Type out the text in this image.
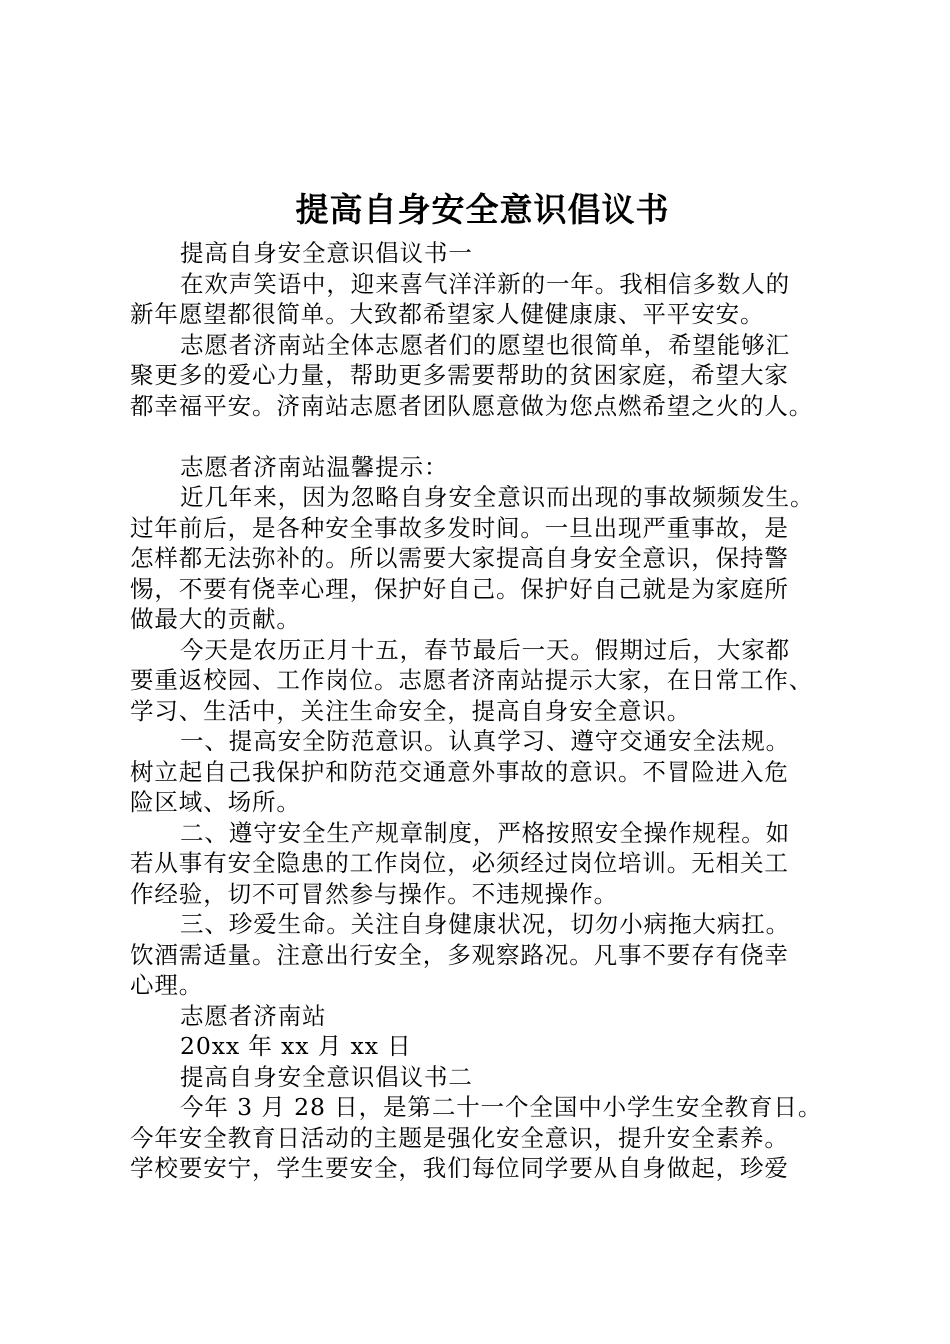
提高自身安全意识倡议书

提高自身安全意识倡议书一

在欢声笑语中，迎来喜气洋洋新的一年。我相信多数人的

新年愿望都很简单。大致都希望家人健健康康、平平安安。

志愿者济南站全体志愿者们的愿望也很简单，希望能够汇

聚更多的爱心力量，帮助更多需要帮助的贫困家庭，希望大家

都幸福平安。济南站志愿者团队愿意做为您点燃希望之火的人。

志愿者济南站温馨提示：

近几年来，因为忽略自身安全意识而出现的事故频频发生。

过年前后，是各种安全事故多发时间。一旦出现严重事故，是

怎样都无法弥补的。所以需要大家提高自身安全意识，保持警

惕，不要有侥幸心理，保护好自己。保护好自己就是为家庭所

做最大的贡献。

今天是农历正月十五，春节最后一天。假期过后，大家都

要重返校园、工作岗位。志愿者济南站提示大家，在日常工作、

学习、生活中，关注生命安全，提高自身安全意识。

一、提高安全防范意识。认真学习、遵守交通安全法规。

树立起自己我保护和防范交通意外事故的意识。不冒险进入危

险区域、场所。

二、遵守安全生产规章制度，严格按照安全操作规程。如

若从事有安全隐患的工作岗位，必须经过岗位培训。无相关工

作经验，切不可冒然参与操作。不违规操作。

三、珍爱生命。关注自身健康状况，切勿小病拖大病扛。

饮酒需适量。注意出行安全，多观察路况。凡事不要存有侥幸

心理。

志愿者济南站

20xx 年 xx 月 xx 日

提高自身安全意识倡议书二

今年 3 月 28 日，是第二十一个全国中小学生安全教育日。

今年安全教育日活动的主题是强化安全意识，提升安全素养。

学校要安宁，学生要安全，我们每位同学要从自身做起，珍爱
